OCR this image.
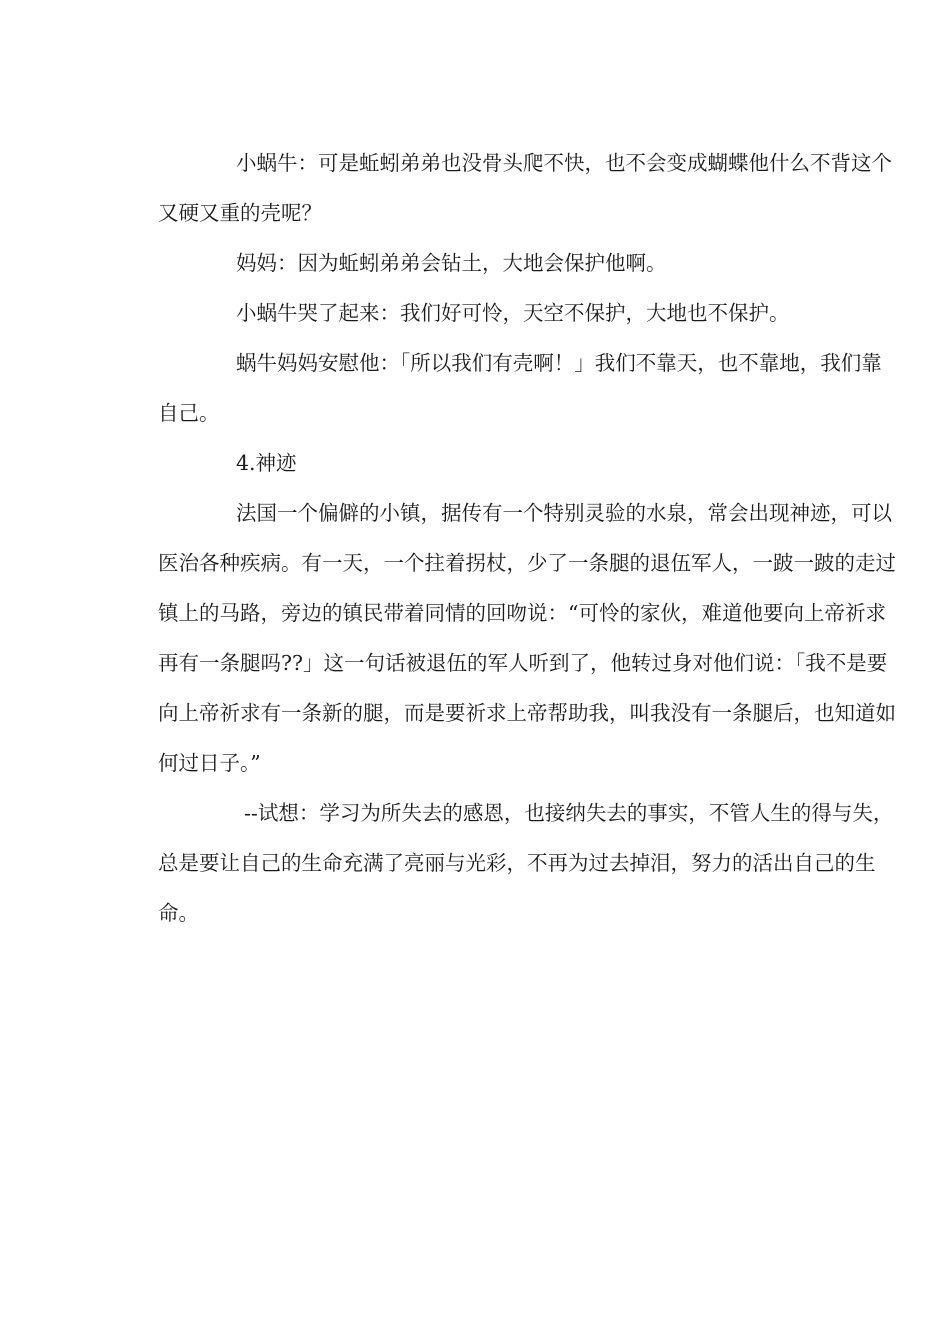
小蜗牛：可是蚯蚓弟弟也没骨头爬不快，也不会变成蝴蝶他什么不背这个
又硬又重的壳呢？
妈妈：因为蚯蚓弟弟会钻土，大地会保护他啊。
小蜗牛哭了起来：我们好可怜，天空不保护，大地也不保护。
蜗牛妈妈安慰他：「所以我们有壳啊！」我们不靠天，也不靠地，我们靠
自己。
4.神迹
法国一个偏僻的小镇，据传有一个特别灵验的水泉，常会出现神迹，可以
医治各种疾病。有一天，一个拄着拐杖，少了一条腿的退伍军人，一跛一跛的走过
镇上的马路，旁边的镇民带着同情的回吻说：“可怜的家伙，难道他要向上帝祈求
再有一条腿吗??」这一句话被退伍的军人听到了，他转过身对他们说：「我不是要
向上帝祈求有一条新的腿，而是要祈求上帝帮助我，叫我没有一条腿后，也知道如
何过日子。”
--试想：学习为所失去的感恩，也接纳失去的事实，不管人生的得与失，
总是要让自己的生命充满了亮丽与光彩，不再为过去掉泪，努力的活出自己的生
命。
